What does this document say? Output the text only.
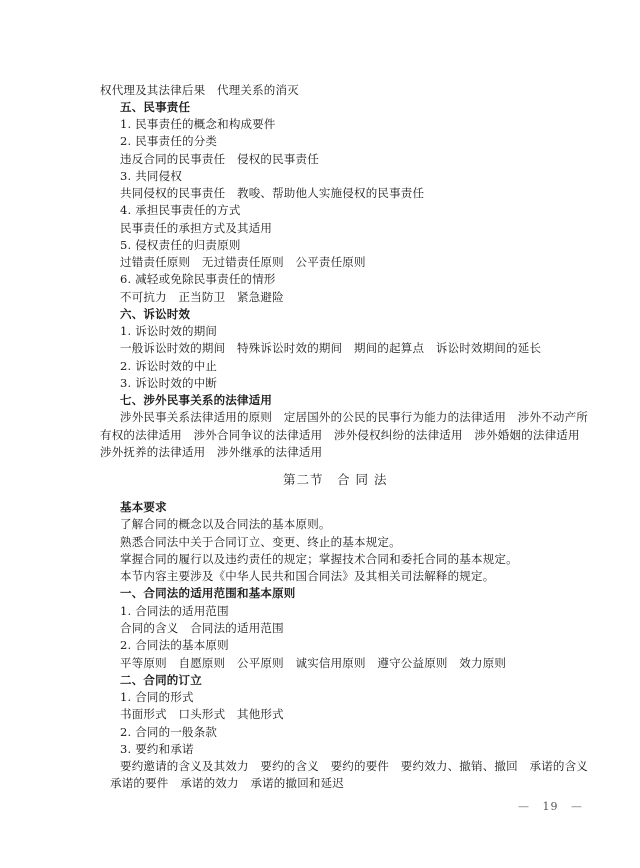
权代理及其法律后果　代理关系的消灭
五、民事责任
1. 民事责任的概念和构成要件
2. 民事责任的分类
违反合同的民事责任　侵权的民事责任
3. 共同侵权
共同侵权的民事责任　教唆、帮助他人实施侵权的民事责任
4. 承担民事责任的方式
民事责任的承担方式及其适用
5. 侵权责任的归责原则
过错责任原则　无过错责任原则　公平责任原则
6. 减轻或免除民事责任的情形
不可抗力　正当防卫　紧急避险
六、诉讼时效
1. 诉讼时效的期间
一般诉讼时效的期间　特殊诉讼时效的期间　期间的起算点　诉讼时效期间的延长
2. 诉讼时效的中止
3. 诉讼时效的中断
七、涉外民事关系的法律适用
涉外民事关系法律适用的原则　定居国外的公民的民事行为能力的法律适用　涉外不动产所
有权的法律适用　涉外合同争议的法律适用　涉外侵权纠纷的法律适用　涉外婚姻的法律适用
涉外抚养的法律适用　涉外继承的法律适用
第二节　合 同 法
基本要求
了解合同的概念以及合同法的基本原则。
熟悉合同法中关于合同订立、变更、终止的基本规定。
掌握合同的履行以及违约责任的规定；掌握技术合同和委托合同的基本规定。
本节内容主要涉及《中华人民共和国合同法》及其相关司法解释的规定。
一、合同法的适用范围和基本原则
1. 合同法的适用范围
合同的含义　合同法的适用范围
2. 合同法的基本原则
平等原则　自愿原则　公平原则　诚实信用原则　遵守公益原则　效力原则
二、合同的订立
1. 合同的形式
书面形式　口头形式　其他形式
2. 合同的一般条款
3. 要约和承诺
要约邀请的含义及其效力　要约的含义　要约的要件　要约效力、撤销、撤回　承诺的含义
承诺的要件　承诺的效力　承诺的撤回和延迟
— 19 —
